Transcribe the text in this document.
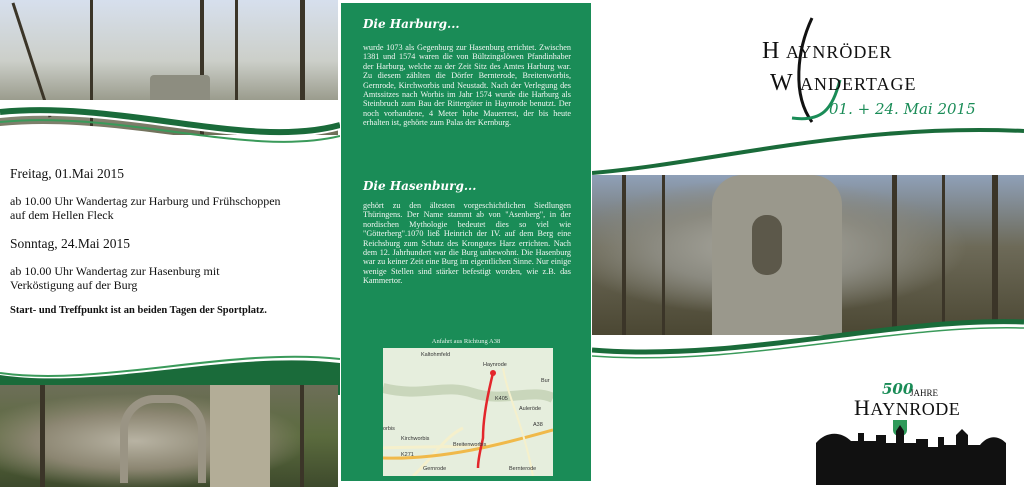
Freitag, 01.Mai 2015

ab 10.00 Uhr Wandertag zur Harburg und Frühschoppen

auf dem Hellen Fleck

Sonntag, 24.Mai 2015

ab 10.00 Uhr Wandertag zur Hasenburg mit

Verköstigung auf der Burg

Start- und Treffpunkt ist an beiden Tagen der Sportplatz.
Die Harburg...
wurde 1073 als Gegenburg zur Hasenburg errichtet. Zwischen 1381 und 1574 waren die von Bültzingslöwen Pfandinhaber der Harburg, welche zu der Zeit Sitz des Amtes Harburg war. Zu diesem zählten die Dörfer Bernterode, Breitenworbis, Gernrode, Kirchworbis und Neustadt. Nach der Verlegung des Amtssitzes nach Worbis im Jahr 1574 wurde die Harburg als Steinbruch zum Bau der Rittergüter in Haynrode benutzt. Der noch vorhandene, 4 Meter hohe Mauerrest, der bis heute erhalten ist, gehörte zum Palas der Kernburg.
Die Hasenburg...
gehört zu den ältesten vorgeschichtlichen Siedlungen Thüringens. Der Name stammt ab von "Asenberg", in der nordischen Mythologie bedeutet dies so viel wie "Götterberg".1070 ließ Heinrich der IV. auf dem Berg eine Reichsburg zum Schutz des Krongutes Harz errichten. Nach dem 12. Jahrhundert war die Burg unbewohnt. Die Hasenburg war zu keiner Zeit eine Burg im eigentlichen Sinne. Nur einige wenige Stellen sind stärker befestigt worden, wie z.B. das Kammertor.
Anfahrt aus Richtung A38
Kaltohmfeld
Haynrode
Bur
Auleröde
Kirchworbis
Breitenworbis
Gernrode	Bernterode
orbis
K405
A38
K271
H AYNRÖDER
W ANDERTAGE
01. + 24. Mai 2015
500
JAHRE
HAYNRODE
